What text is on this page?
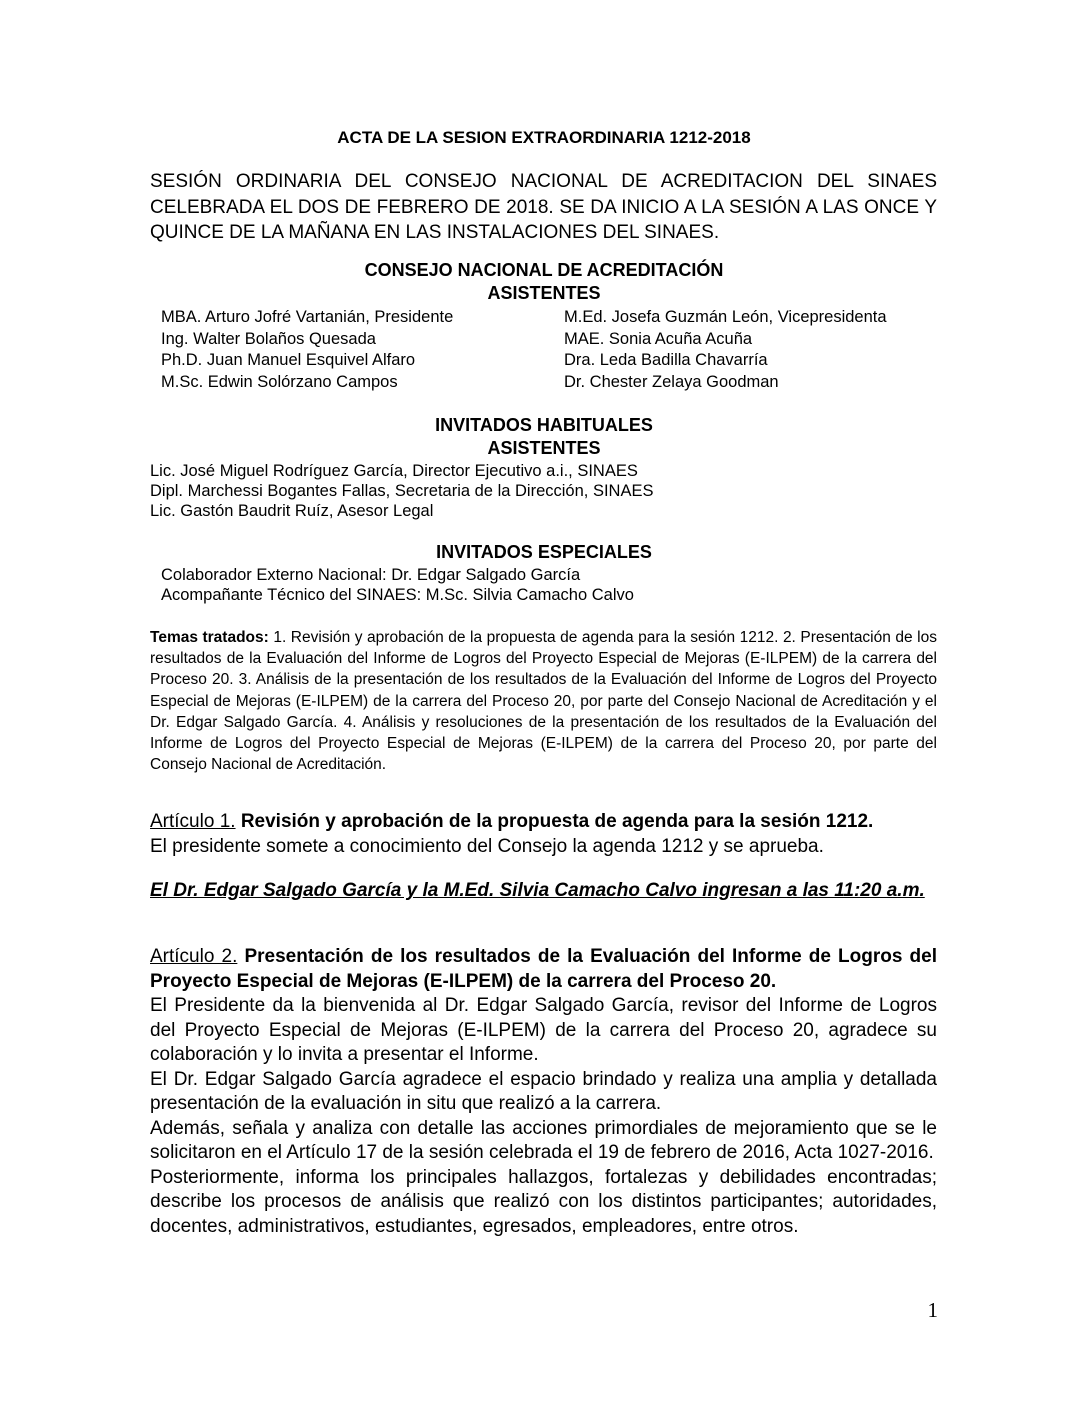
ACTA DE LA SESION EXTRAORDINARIA 1212-2018
SESIÓN ORDINARIA DEL CONSEJO NACIONAL DE ACREDITACION DEL SINAES CELEBRADA EL DOS DE FEBRERO DE 2018. SE DA INICIO A LA SESIÓN A LAS ONCE Y QUINCE DE LA MAÑANA EN LAS INSTALACIONES DEL SINAES.
CONSEJO NACIONAL DE ACREDITACIÓN
ASISTENTES
MBA. Arturo Jofré Vartanián, Presidente
Ing. Walter Bolaños Quesada
Ph.D. Juan Manuel Esquivel Alfaro
M.Sc. Edwin Solórzano Campos
M.Ed. Josefa Guzmán León, Vicepresidenta
MAE. Sonia Acuña Acuña
Dra. Leda Badilla Chavarría
Dr. Chester Zelaya Goodman
INVITADOS HABITUALES
ASISTENTES
Lic. José Miguel Rodríguez García, Director Ejecutivo a.i., SINAES
Dipl. Marchessi Bogantes Fallas, Secretaria de la Dirección, SINAES
Lic. Gastón Baudrit Ruíz, Asesor Legal
INVITADOS ESPECIALES
Colaborador Externo Nacional: Dr. Edgar Salgado García
Acompañante Técnico del SINAES: M.Sc. Silvia Camacho Calvo
Temas tratados: 1. Revisión y aprobación de la propuesta de agenda para la sesión 1212. 2. Presentación de los resultados de la Evaluación del Informe de Logros del Proyecto Especial de Mejoras (E-ILPEM) de la carrera del Proceso 20. 3. Análisis de la presentación de los resultados de la Evaluación del Informe de Logros del Proyecto Especial de Mejoras (E-ILPEM) de la carrera del Proceso 20, por parte del Consejo Nacional de Acreditación y el Dr. Edgar Salgado García. 4. Análisis y resoluciones de la presentación de los resultados de la Evaluación del Informe de Logros del Proyecto Especial de Mejoras (E-ILPEM) de la carrera del Proceso 20, por parte del Consejo Nacional de Acreditación.
Artículo 1. Revisión y aprobación de la propuesta de agenda para la sesión 1212.
El presidente somete a conocimiento del Consejo la agenda 1212 y se aprueba.
El Dr. Edgar Salgado García y la M.Ed. Silvia Camacho Calvo ingresan a las 11:20 a.m.
Artículo 2. Presentación de los resultados de la Evaluación del Informe de Logros del Proyecto Especial de Mejoras (E-ILPEM) de la carrera del Proceso 20.
El Presidente da la bienvenida al Dr. Edgar Salgado García, revisor del Informe de Logros del Proyecto Especial de Mejoras (E-ILPEM) de la carrera del Proceso 20, agradece su colaboración y lo invita a presentar el Informe.
El Dr. Edgar Salgado García agradece el espacio brindado y realiza una amplia y detallada presentación de la evaluación in situ que realizó a la carrera.
Además, señala y analiza con detalle las acciones primordiales de mejoramiento que se le solicitaron en el Artículo 17 de la sesión celebrada el 19 de febrero de 2016, Acta 1027-2016.
Posteriormente, informa los principales hallazgos, fortalezas y debilidades encontradas; describe los procesos de análisis que realizó con los distintos participantes; autoridades, docentes, administrativos, estudiantes, egresados, empleadores, entre otros.
1
